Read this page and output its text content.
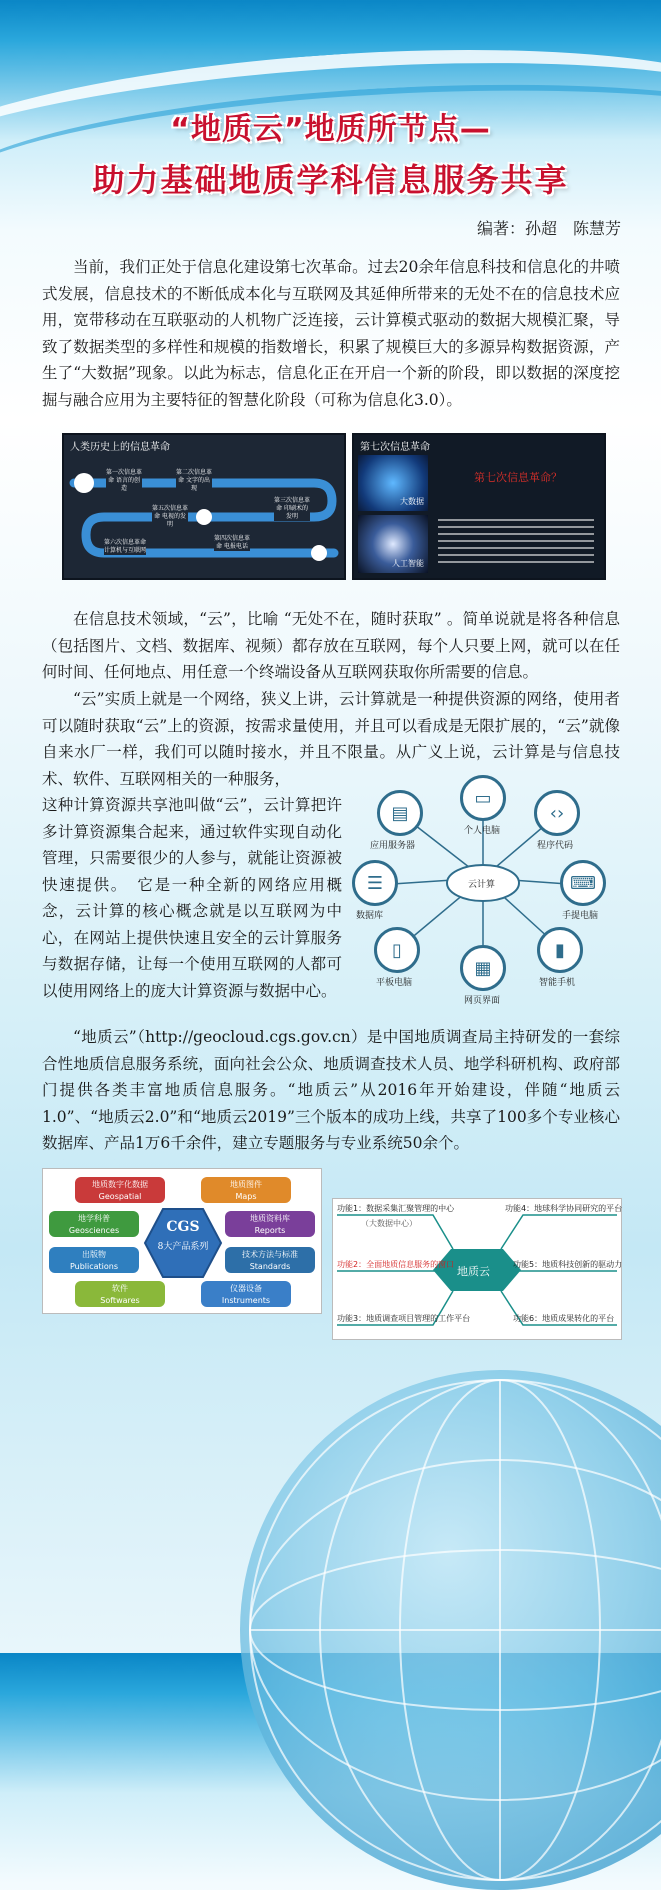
“地质云”地质所节点—
助力基础地质学科信息服务共享
编著：孙超　陈慧芳
当前，我们正处于信息化建设第七次革命。过去20余年信息科技和信息化的井喷式发展，信息技术的不断低成本化与互联网及其延伸所带来的无处不在的信息技术应用，宽带移动在互联驱动的人机物广泛连接，云计算模式驱动的数据大规模汇聚，导致了数据类型的多样性和规模的指数增长，积累了规模巨大的多源异构数据资源，产生了“大数据”现象。以此为标志，信息化正在开启一个新的阶段，即以数据的深度挖掘与融合应用为主要特征的智慧化阶段（可称为信息化3.0）。
人类历史上的信息革命
第一次信息革命 语言的创造
第二次信息革命 文字的出现
第三次信息革命 印刷术的发明
第四次信息革命 电报电话
第五次信息革命 电视的发明
第六次信息革命 计算机与互联网
第七次信息革命
大数据
人工智能
第七次信息革命？
在信息技术领域，“云”，比喻 “无处不在，随时获取” 。简单说就是将各种信息（包括图片、文档、数据库、视频）都存放在互联网，每个人只要上网，就可以在任何时间、任何地点、用任意一个终端设备从互联网获取你所需要的信息。
“云”实质上就是一个网络，狭义上讲，云计算就是一种提供资源的网络，使用者可以随时获取“云”上的资源，按需求量使用，并且可以看成是无限扩展的，“云”就像自来水厂一样，我们可以随时接水，并且不限量。从广义上说，云计算是与信息技术、软件、互联网相关的一种服务，
这种计算资源共享池叫做“云”，云计算把许多计算资源集合起来，通过软件实现自动化管理，只需要很少的人参与，就能让资源被快速提供。　它是一种全新的网络应用概念，云计算的核心概念就是以互联网为中心，在网站上提供快速且安全的云计算服务与数据存储，让每一个使用互联网的人都可以使用网络上的庞大计算资源与数据中心。
云计算
▤
应用服务器
▭
个人电脑
‹›
程序代码
☰
数据库
⌨
手提电脑
▯
平板电脑
▦
网页界面
▮
智能手机
“地质云”（http://geocloud.cgs.gov.cn）是中国地质调查局主持研发的一套综合性地质信息服务系统，面向社会公众、地质调查技术人员、地学科研机构、政府部门提供各类丰富地质信息服务。“地质云”从2016年开始建设，伴随“地质云1.0”、“地质云2.0”和“地质云2019”三个版本的成功上线，共享了100多个专业核心数据库、产品1万6千余件，建立专题服务与专业系统50余个。
地质数字化数据
Geospatial
地质图件
Maps
地学科普
Geosciences
地质资料库
Reports
出版物
Publications
技术方法与标准
Standards
软件
Softwares
仪器设备
Instruments
CGS
8大产品系列
地质云
功能1：数据采集汇聚管理的中心
（大数据中心）
功能2：全面地质信息服务的窗口
功能3：地质调查项目管理的工作平台
功能4：地球科学协同研究的平台
功能5：地质科技创新的驱动力
功能6：地质成果转化的平台
